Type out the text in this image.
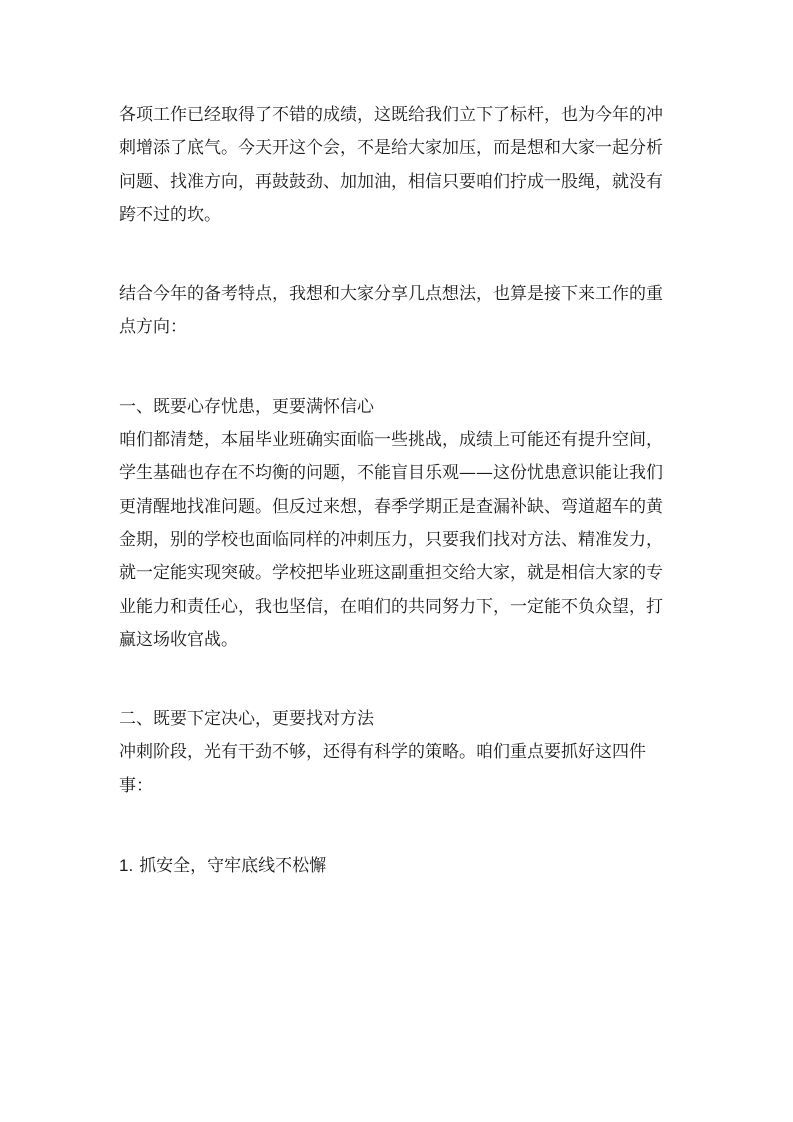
各项工作已经取得了不错的成绩，这既给我们立下了标杆，也为今年的冲刺增添了底气。今天开这个会，不是给大家加压，而是想和大家一起分析问题、找准方向，再鼓鼓劲、加加油，相信只要咱们拧成一股绳，就没有跨不过的坎。

结合今年的备考特点，我想和大家分享几点想法，也算是接下来工作的重点方向：

一、既要心存忧患，更要满怀信心

咱们都清楚，本届毕业班确实面临一些挑战，成绩上可能还有提升空间，学生基础也存在不均衡的问题，不能盲目乐观——这份忧患意识能让我们更清醒地找准问题。但反过来想，春季学期正是查漏补缺、弯道超车的黄金期，别的学校也面临同样的冲刺压力，只要我们找对方法、精准发力，就一定能实现突破。学校把毕业班这副重担交给大家，就是相信大家的专业能力和责任心，我也坚信，在咱们的共同努力下，一定能不负众望，打赢这场收官战。

二、既要下定决心，更要找对方法

冲刺阶段，光有干劲不够，还得有科学的策略。咱们重点要抓好这四件事：

1. 抓安全，守牢底线不松懈
